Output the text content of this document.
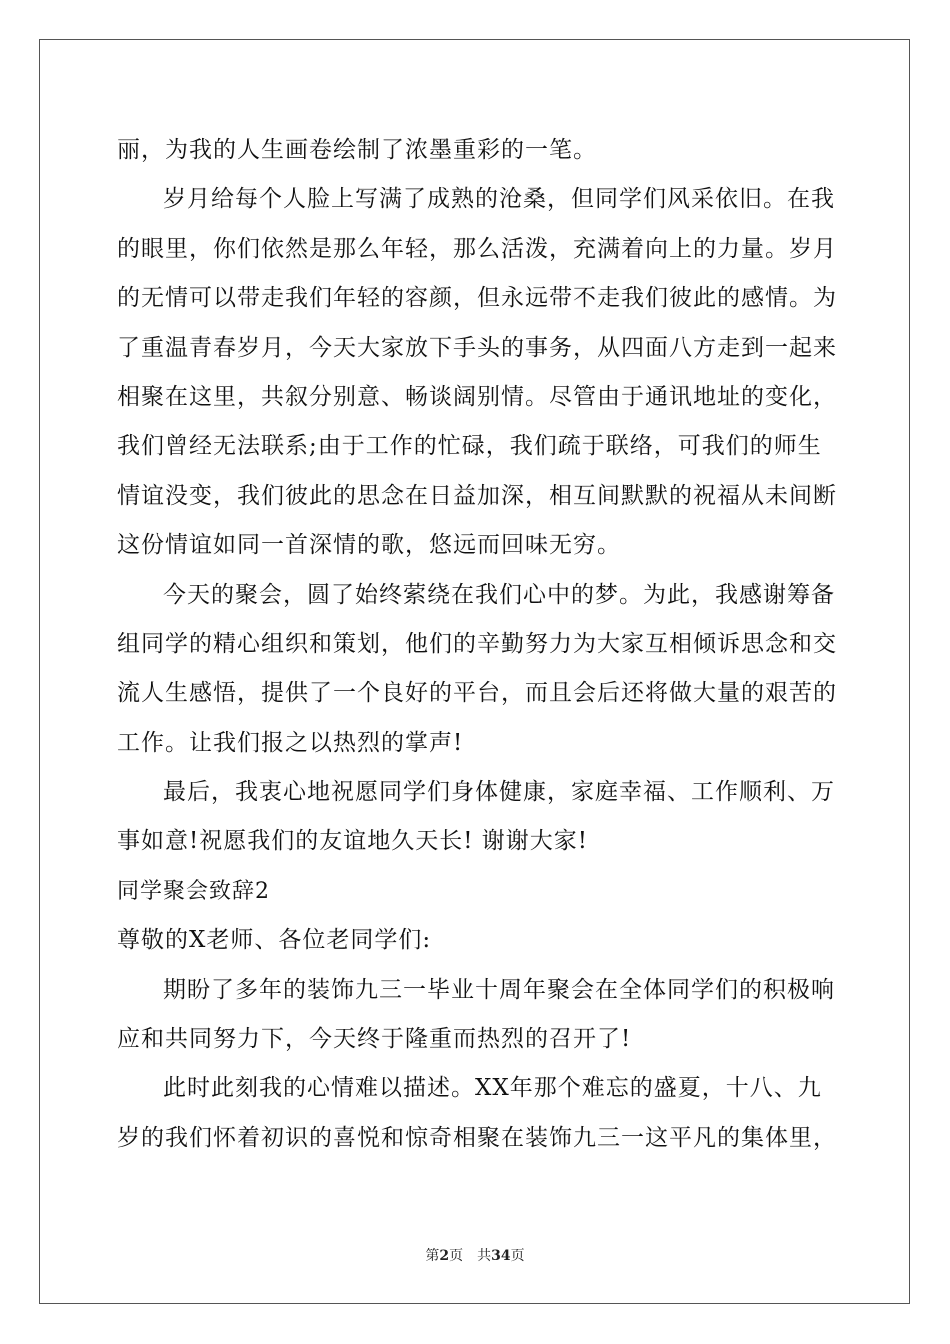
丽，为我的人生画卷绘制了浓墨重彩的一笔。
岁月给每个人脸上写满了成熟的沧桑，但同学们风采依旧。在我
的眼里，你们依然是那么年轻，那么活泼，充满着向上的力量。岁月
的无情可以带走我们年轻的容颜，但永远带不走我们彼此的感情。为
了重温青春岁月，今天大家放下手头的事务，从四面八方走到一起来
相聚在这里，共叙分别意、畅谈阔别情。尽管由于通讯地址的变化，
我们曾经无法联系;由于工作的忙碌，我们疏于联络，可我们的师生
情谊没变，我们彼此的思念在日益加深，相互间默默的祝福从未间断
这份情谊如同一首深情的歌，悠远而回味无穷。
今天的聚会，圆了始终萦绕在我们心中的梦。为此，我感谢筹备
组同学的精心组织和策划，他们的辛勤努力为大家互相倾诉思念和交
流人生感悟，提供了一个良好的平台，而且会后还将做大量的艰苦的
工作。让我们报之以热烈的掌声!
最后，我衷心地祝愿同学们身体健康，家庭幸福、工作顺利、万
事如意!祝愿我们的友谊地久天长! 谢谢大家!
同学聚会致辞2
尊敬的X老师、各位老同学们:
期盼了多年的装饰九三一毕业十周年聚会在全体同学们的积极响
应和共同努力下，今天终于隆重而热烈的召开了!
此时此刻我的心情难以描述。XX年那个难忘的盛夏，十八、九
岁的我们怀着初识的喜悦和惊奇相聚在装饰九三一这平凡的集体里，
第2页 共34页
